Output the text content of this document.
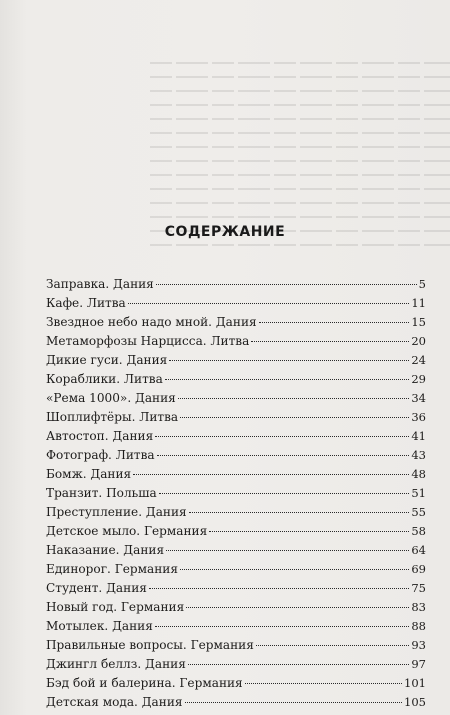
СОДЕРЖАНИЕ
Заправка. Дания	5
Кафе. Литва	11
Звездное небо надо мной. Дания	15
Метаморфозы Нарцисса. Литва	20
Дикие гуси. Дания	24
Кораблики. Литва	29
«Рема 1000». Дания	34
Шоплифтёры. Литва	36
Автостоп. Дания	41
Фотограф. Литва	43
Бомж. Дания	48
Транзит. Польша	51
Преступление. Дания	55
Детское мыло. Германия	58
Наказание. Дания	64
Единорог. Германия	69
Студент. Дания	75
Новый год. Германия	83
Мотылек. Дания	88
Правильные вопросы. Германия	93
Джингл беллз. Дания	97
Бэд бой и балерина. Германия	101
Детская мода. Дания	105
